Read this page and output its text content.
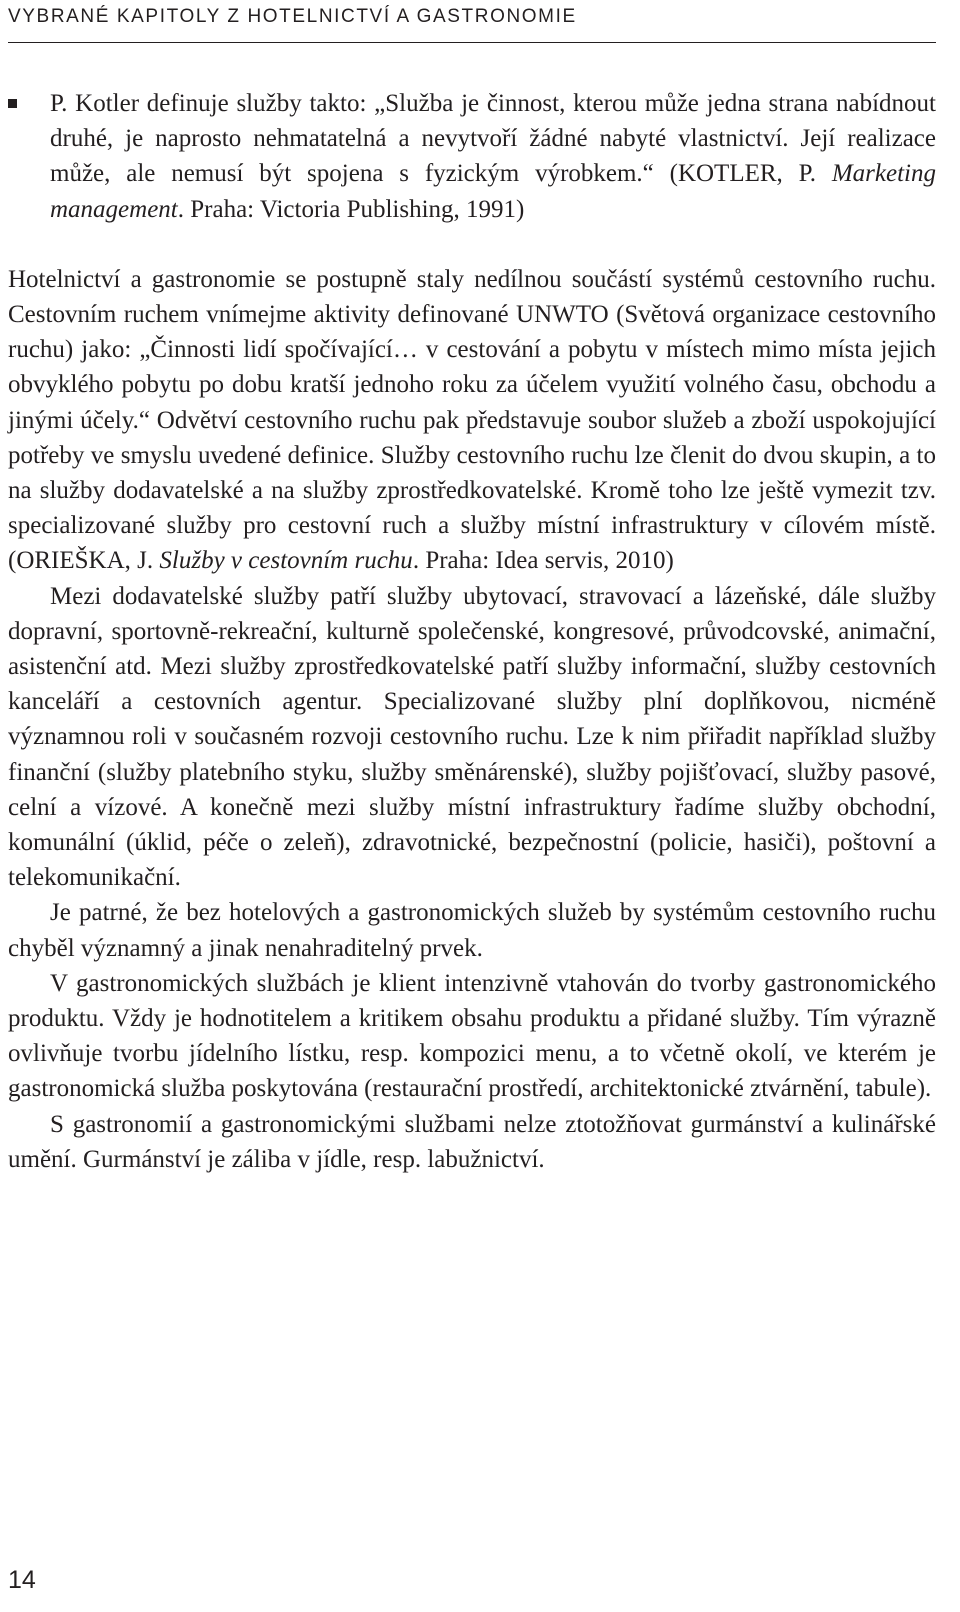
VYBRANÉ KAPITOLY Z HOTELNICTVÍ A GASTRONOMIE

P. Kotler definuje služby takto: „Služba je činnost, kterou může jedna strana nabídnout druhé, je naprosto nehmatatelná a nevytvoří žádné nabyté vlastnictví. Její realizace může, ale nemusí být spojena s fyzickým výrobkem.“ (KOTLER, P. Marketing management. Praha: Victoria Publishing, 1991)

Hotelnictví a gastronomie se postupně staly nedílnou součástí systémů cestovního ruchu. Cestovním ruchem vnímejme aktivity definované UNWTO (Světová organizace cestovního ruchu) jako: „Činnosti lidí spočívající… v cestování a pobytu v místech mimo místa jejich obvyklého pobytu po dobu kratší jednoho roku za účelem využití volného času, obchodu a jinými účely.“ Odvětví cestovního ruchu pak představuje soubor služeb a zboží uspokojující potřeby ve smyslu uvedené definice. Služby cestovního ruchu lze členit do dvou skupin, a to na služby dodavatelské a na služby zprostředkovatelské. Kromě toho lze ještě vymezit tzv. specializované služby pro cestovní ruch a služby místní infrastruktury v cílovém místě. (ORIEŠKA, J. Služby v cestovním ruchu. Praha: Idea servis, 2010)

Mezi dodavatelské služby patří služby ubytovací, stravovací a lázeňské, dále služby dopravní, sportovně-rekreační, kulturně společenské, kongresové, průvodcovské, animační, asistenční atd. Mezi služby zprostředkovatelské patří služby informační, služby cestovních kanceláří a cestovních agentur. Specializované služby plní doplňkovou, nicméně významnou roli v současném rozvoji cestovního ruchu. Lze k nim přiřadit například služby finanční (služby platebního styku, služby směnárenské), služby pojišťovací, služby pasové, celní a vízové. A konečně mezi služby místní infrastruktury řadíme služby obchodní, komunální (úklid, péče o zeleň), zdravotnické, bezpečnostní (policie, hasiči), poštovní a telekomunikační.

Je patrné, že bez hotelových a gastronomických služeb by systémům cestovního ruchu chyběl významný a jinak nenahraditelný prvek.

V gastronomických službách je klient intenzivně vtahován do tvorby gastronomického produktu. Vždy je hodnotitelem a kritikem obsahu produktu a přidané služby. Tím výrazně ovlivňuje tvorbu jídelního lístku, resp. kompozici menu, a to včetně okolí, ve kterém je gastronomická služba poskytována (restaurační prostředí, architektonické ztvárnění, tabule).

S gastronomií a gastronomickými službami nelze ztotožňovat gurmánství a kulinářské umění. Gurmánství je záliba v jídle, resp. labužnictví.

14
